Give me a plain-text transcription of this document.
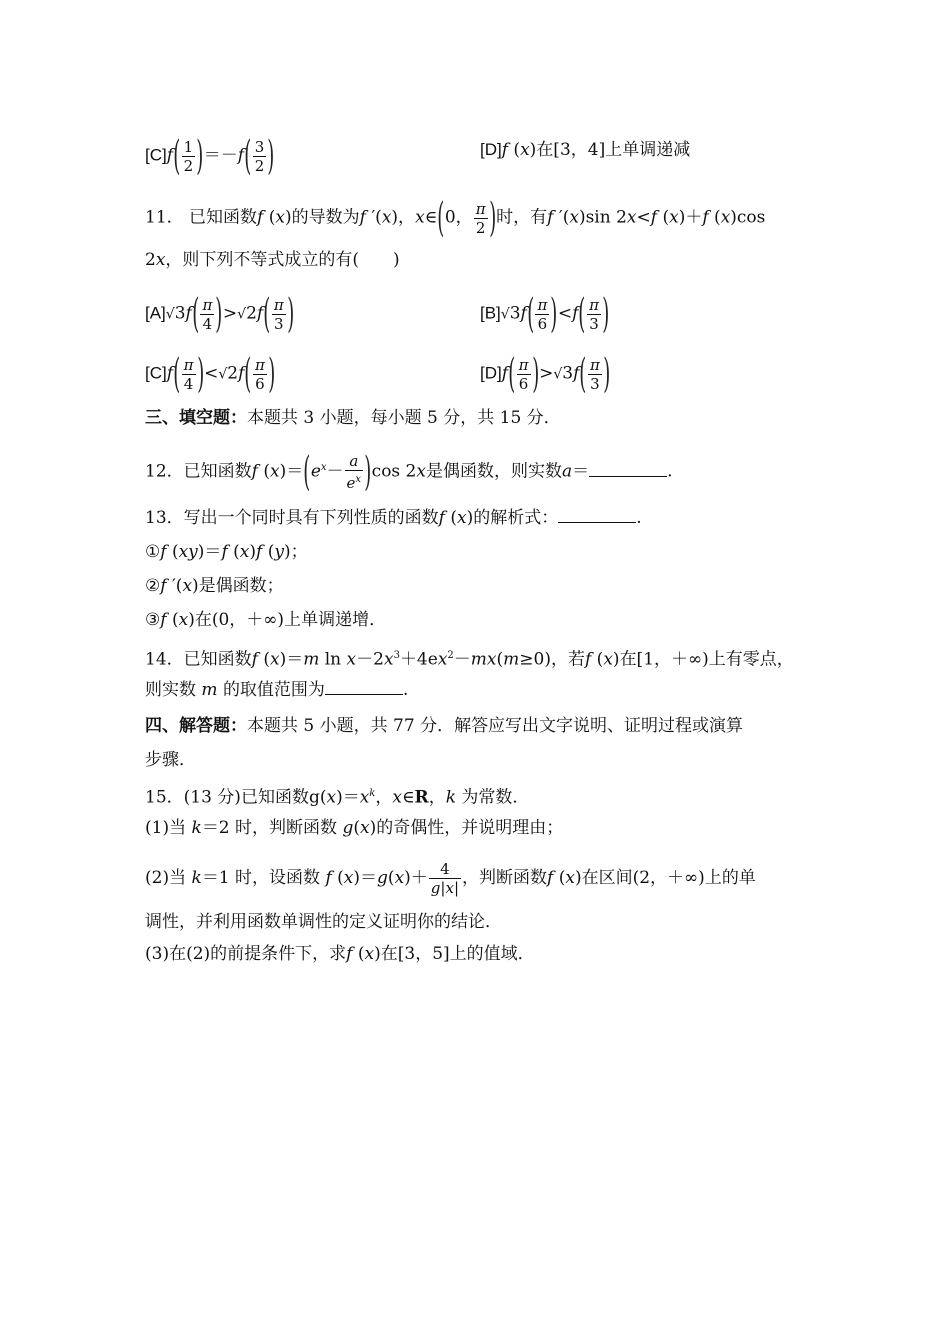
$[C]f( \frac{1}{2} )=-f( \frac{3}{2}$ )	[D]f (x)在[3，4]上单调递减
11． 已知函数f (x)的导数为f ′(x)，x∈(0， $\frac{\pi}{2}$ )时，有f ′(x)sin 2x<f (x)＋f (x)cos
2x，则下列不等式成立的有(　　)
$[A]√3f( \frac{\pi}{4} )>√2f( \frac{\pi}{3}$ )	$[B]√3f( \frac{\pi}{6} )<f( \frac{\pi}{3}$ )
$[C]f( \frac{\pi}{4} )<√2f( \frac{\pi}{6}$ )	$[D]f( \frac{\pi}{6} )>√3f( \frac{\pi}{3}$ )
三、填空题：本题共 3 小题，每小题 5 分，共 15 分．
12．已知函数f $(x)=(e^x- \frac{a}{e^x} )\cos$ 2x是偶函数，则实数a＝	.
13．写出一个同时具有下列性质的函数f (x)的解析式：	.
①f (xy)＝f (x)f (y)；
②f ′(x)是偶函数；
③f (x)在(0，＋∞)上单调递增．
14．已知函数f (x)＝m $\ln x-2x^3+4ex^2-mx(m\ge 0)$，若f (x)在[1，＋∞)上有零点，
则实数 m 的取值范围为	.
四、解答题：本题共 5 小题，共 77 分．解答应写出文字说明、证明过程或演算
步骤．
15．(13 分)已知函数$g(x)=x^k$，x∈R，k 为常数．
(1)当 k＝2 时，判断函数 g(x)的奇偶性，并说明理由；
(2)当 k＝1 时，设函数 f $(x)=g(x)+ \frac{4}{g|x|}$ ，判断函数f (x)在区间(2，＋∞)上的单
调性，并利用函数单调性的定义证明你的结论．
(3)在(2)的前提条件下，求f (x)在[3，5]上的值域．
